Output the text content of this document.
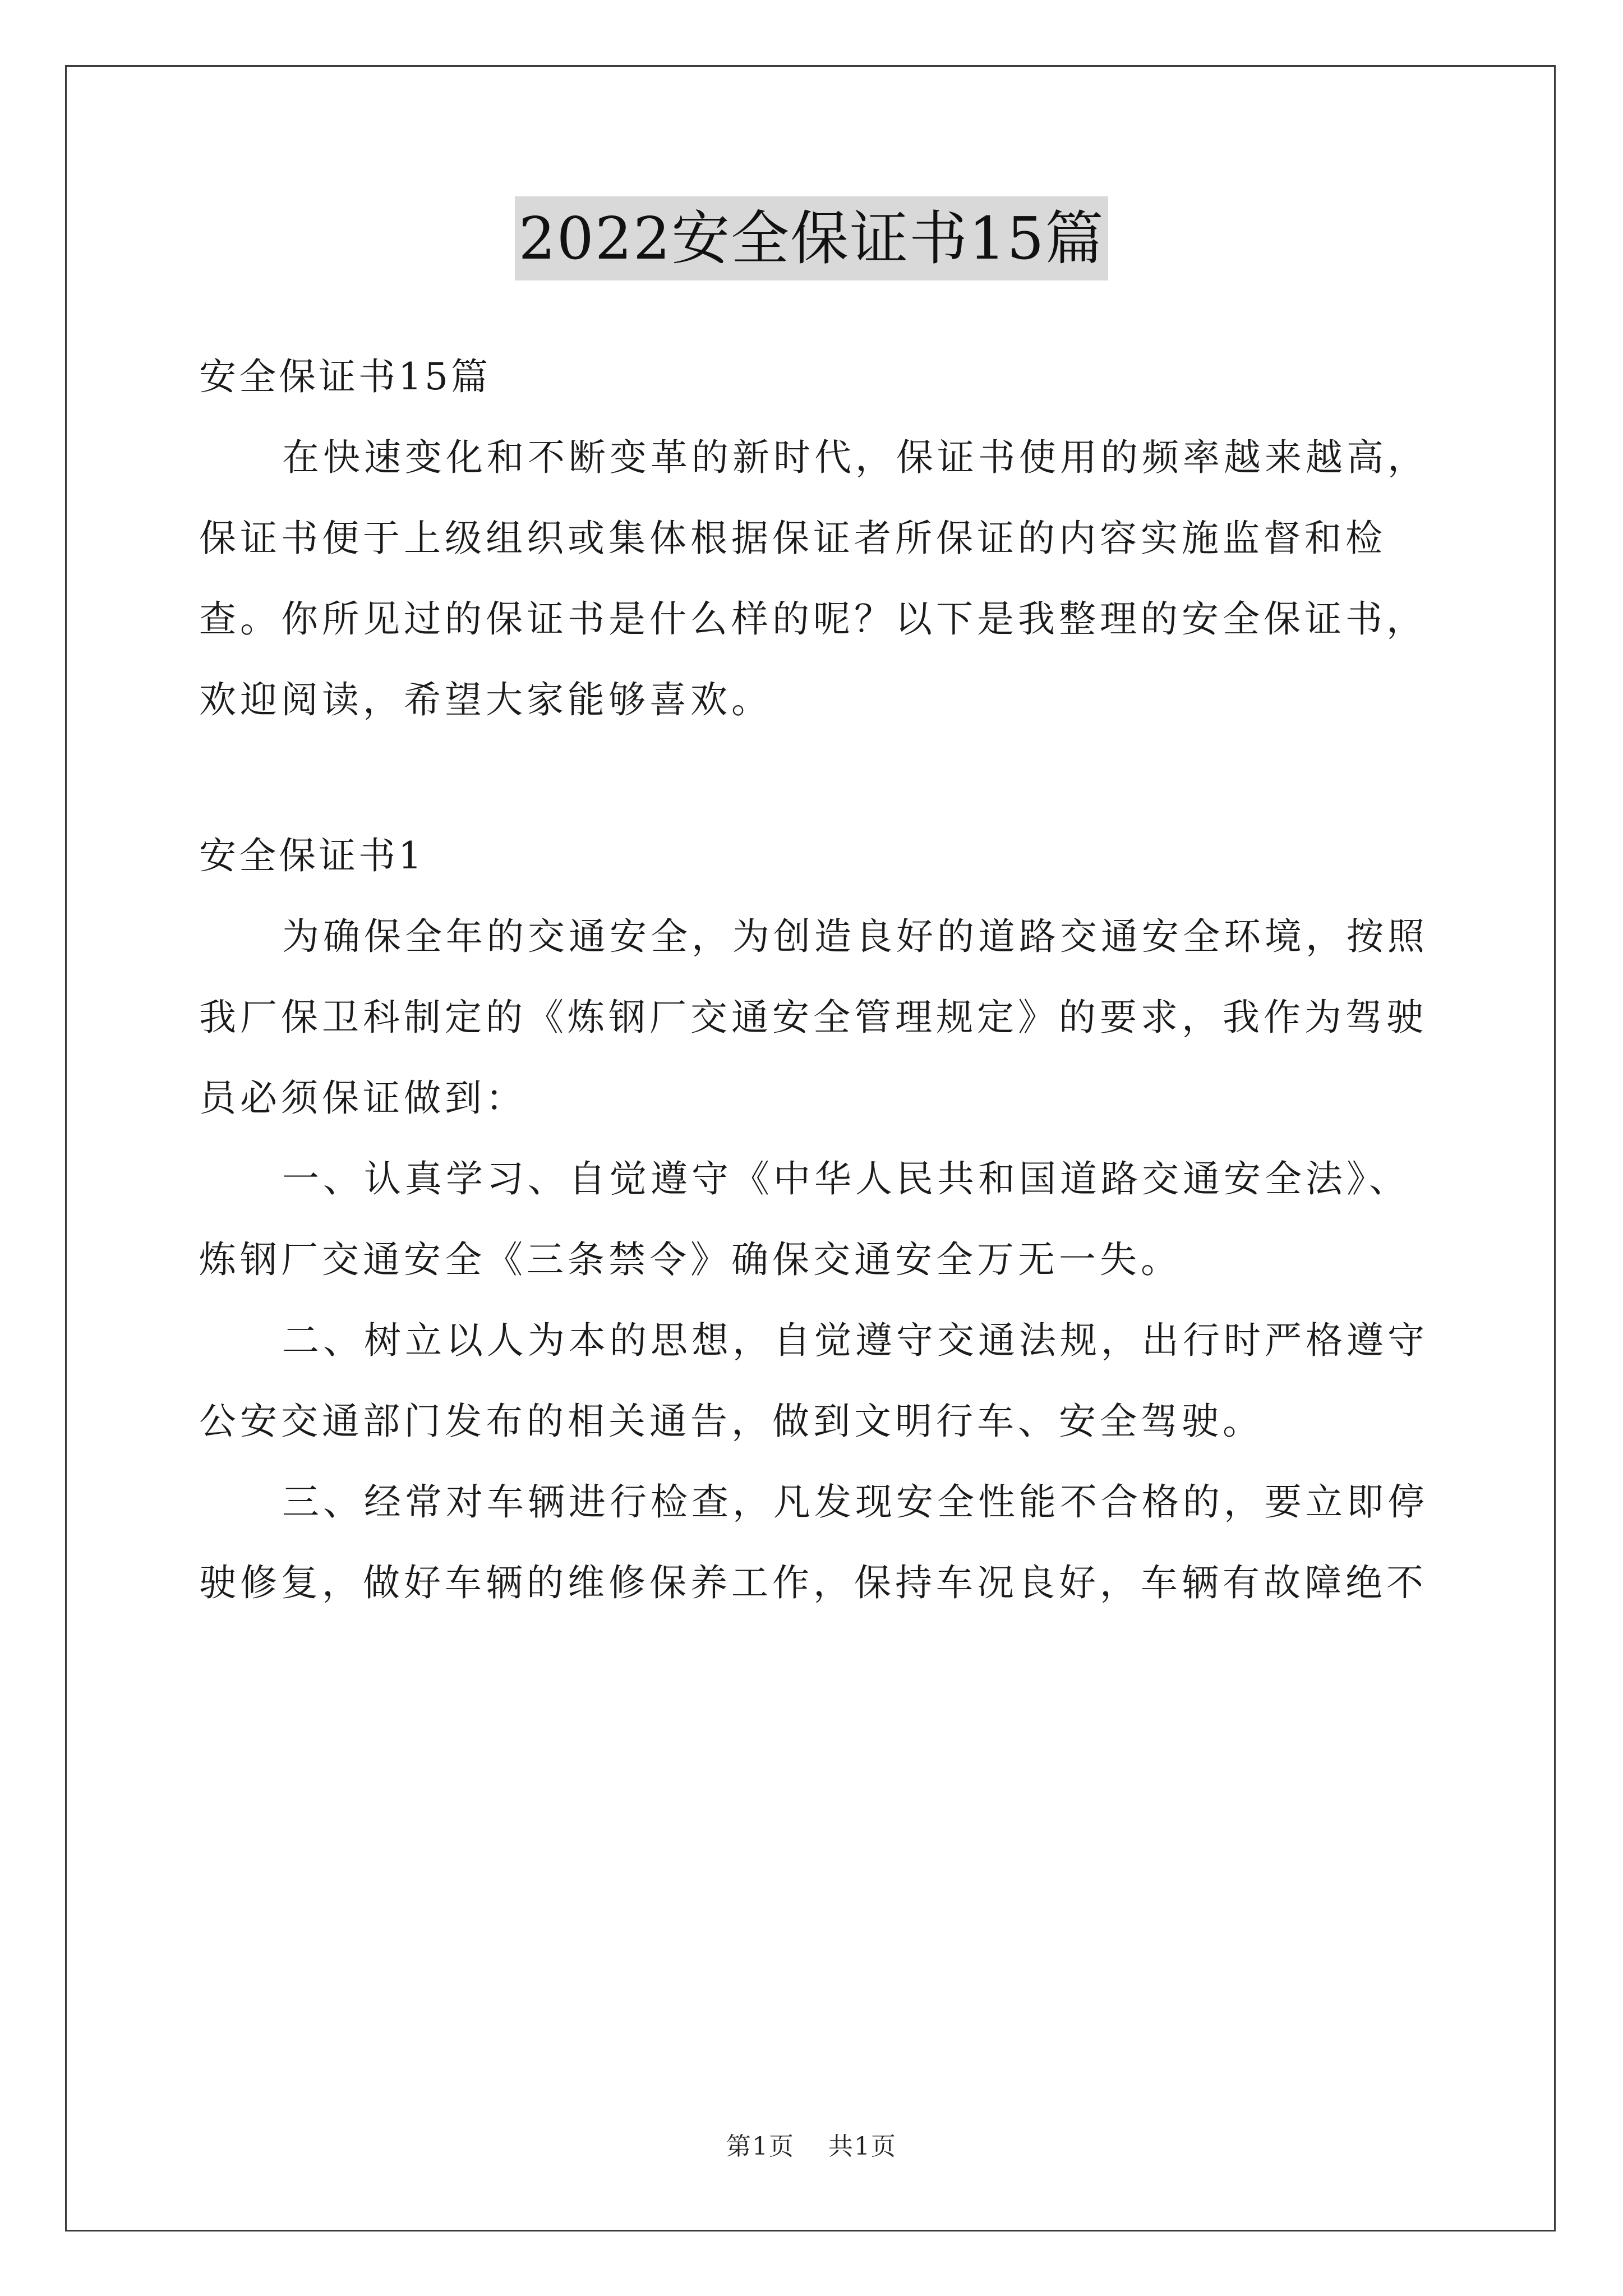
2022安全保证书15篇

安全保证书15篇

在快速变化和不断变革的新时代，保证书使用的频率越来越高，保证书便于上级组织或集体根据保证者所保证的内容实施监督和检查。你所见过的保证书是什么样的呢？以下是我整理的安全保证书，欢迎阅读，希望大家能够喜欢。

安全保证书1

为确保全年的交通安全，为创造良好的道路交通安全环境，按照我厂保卫科制定的《炼钢厂交通安全管理规定》的要求，我作为驾驶员必须保证做到：

一、认真学习、自觉遵守《中华人民共和国道路交通安全法》、炼钢厂交通安全《三条禁令》确保交通安全万无一失。

二、树立以人为本的思想，自觉遵守交通法规，出行时严格遵守公安交通部门发布的相关通告，做到文明行车、安全驾驶。

三、经常对车辆进行检查，凡发现安全性能不合格的，要立即停驶修复，做好车辆的维修保养工作，保持车况良好，车辆有故障绝不

第1页 共1页
